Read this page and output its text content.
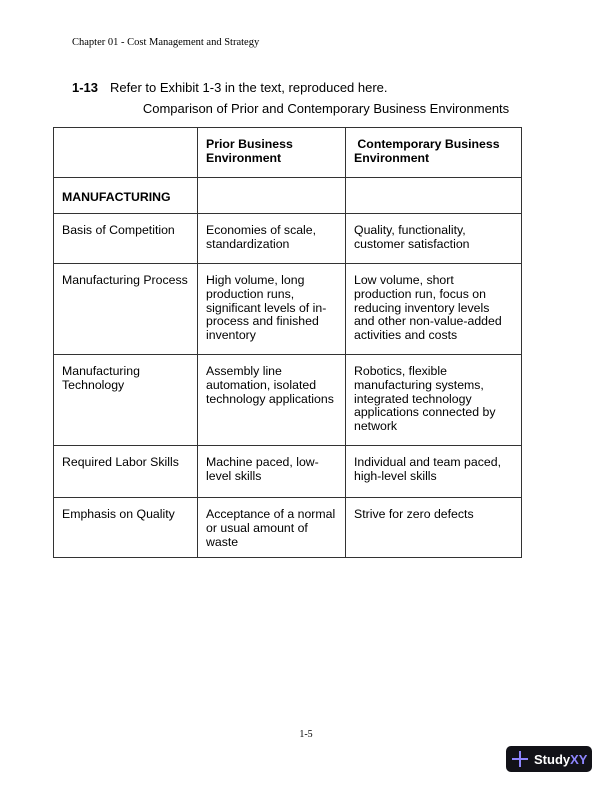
Chapter 01 - Cost Management and Strategy
1-13 Refer to Exhibit 1-3 in the text, reproduced here.
Comparison of Prior and Contemporary Business Environments
	Prior Business Environment	Contemporary Business Environment
MANUFACTURING		
Basis of Competition	Economies of scale, standardization	Quality, functionality, customer satisfaction
Manufacturing Process	High volume, long production runs, significant levels of in-process and finished inventory	Low volume, short production run, focus on reducing inventory levels and other non-value-added activities and costs
Manufacturing Technology	Assembly line automation, isolated technology applications	Robotics, flexible manufacturing systems, integrated technology applications connected by network
Required Labor Skills	Machine paced, low-level skills	Individual and team paced, high-level skills
Emphasis on Quality	Acceptance of a normal or usual amount of waste	Strive for zero defects
1-5
Study XY
